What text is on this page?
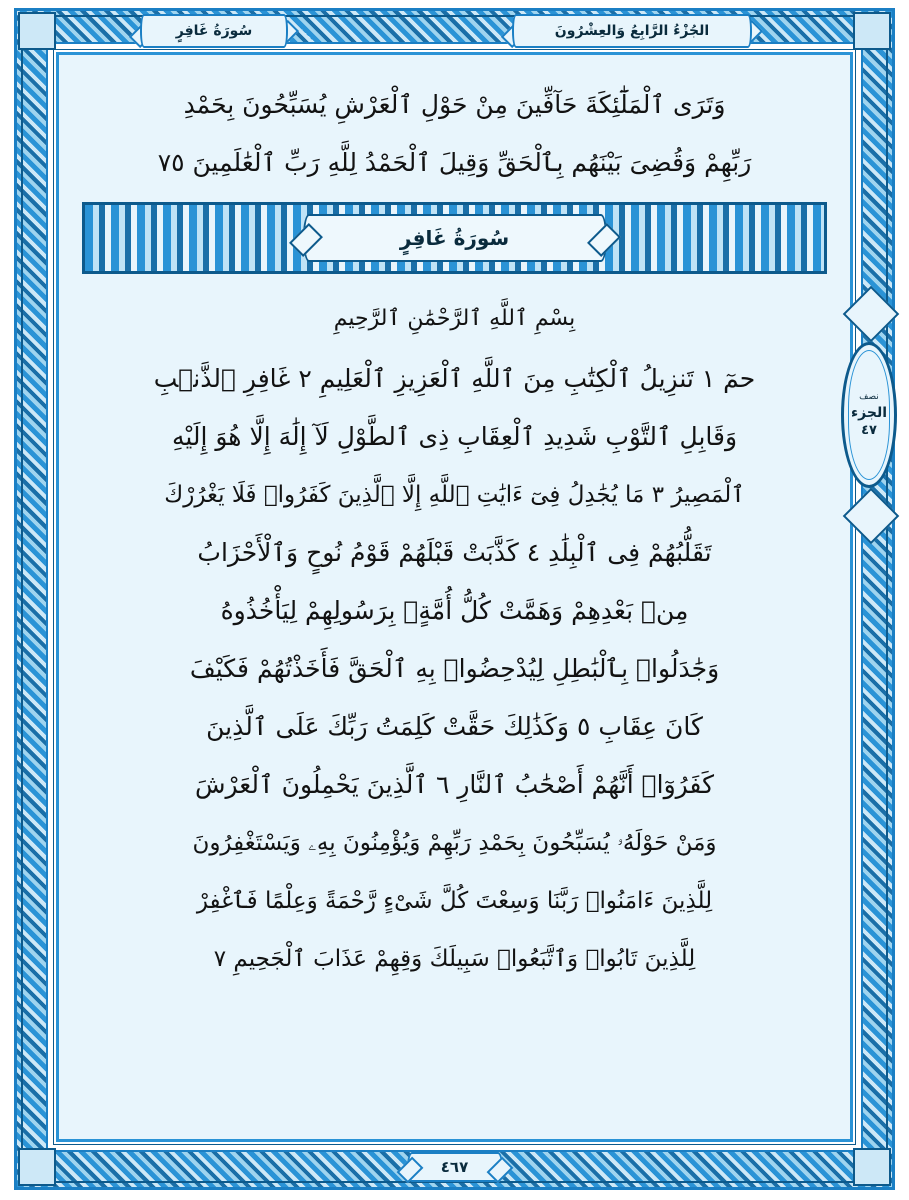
الجُزْءُ الرَّابِعُ وَالعِشْرُونَ
سُورَةُ غَافِرٍ
نصف
الجزء
٤٧
وَتَرَى ٱلْمَلَٰٓئِكَةَ حَآفِّينَ مِنْ حَوْلِ ٱلْعَرْشِ يُسَبِّحُونَ بِحَمْدِ
رَبِّهِمْ وَقُضِىَ بَيْنَهُم بِٱلْحَقِّ وَقِيلَ ٱلْحَمْدُ لِلَّهِ رَبِّ ٱلْعَٰلَمِينَ ٧٥
سُورَةُ غَافِرٍ
بِسْمِ ٱللَّهِ ٱلرَّحْمَٰنِ ٱلرَّحِيمِ
حمٓ ١ تَنزِيلُ ٱلْكِتَٰبِ مِنَ ٱللَّهِ ٱلْعَزِيزِ ٱلْعَلِيمِ ٢ غَافِرِ ٱلذَّنۢبِ
وَقَابِلِ ٱلتَّوْبِ شَدِيدِ ٱلْعِقَابِ ذِى ٱلطَّوْلِ لَآ إِلَٰهَ إِلَّا هُوَ إِلَيْهِ
ٱلْمَصِيرُ ٣ مَا يُجَٰدِلُ فِىٓ ءَايَٰتِ ٱللَّهِ إِلَّا ٱلَّذِينَ كَفَرُوا۟ فَلَا يَغْرُرْكَ
تَقَلُّبُهُمْ فِى ٱلْبِلَٰدِ ٤ كَذَّبَتْ قَبْلَهُمْ قَوْمُ نُوحٍ وَٱلْأَحْزَابُ
مِنۢ بَعْدِهِمْ وَهَمَّتْ كُلُّ أُمَّةٍۭ بِرَسُولِهِمْ لِيَأْخُذُوهُ
وَجَٰدَلُوا۟ بِٱلْبَٰطِلِ لِيُدْحِضُوا۟ بِهِ ٱلْحَقَّ فَأَخَذْتُهُمْ فَكَيْفَ
كَانَ عِقَابِ ٥ وَكَذَٰلِكَ حَقَّتْ كَلِمَتُ رَبِّكَ عَلَى ٱلَّذِينَ
كَفَرُوٓا۟ أَنَّهُمْ أَصْحَٰبُ ٱلنَّارِ ٦ ٱلَّذِينَ يَحْمِلُونَ ٱلْعَرْشَ
وَمَنْ حَوْلَهُۥ يُسَبِّحُونَ بِحَمْدِ رَبِّهِمْ وَيُؤْمِنُونَ بِهِۦ وَيَسْتَغْفِرُونَ
لِلَّذِينَ ءَامَنُوا۟ رَبَّنَا وَسِعْتَ كُلَّ شَىْءٍ رَّحْمَةً وَعِلْمًا فَٱغْفِرْ
لِلَّذِينَ تَابُوا۟ وَٱتَّبَعُوا۟ سَبِيلَكَ وَقِهِمْ عَذَابَ ٱلْجَحِيمِ ٧
٤٦٧
